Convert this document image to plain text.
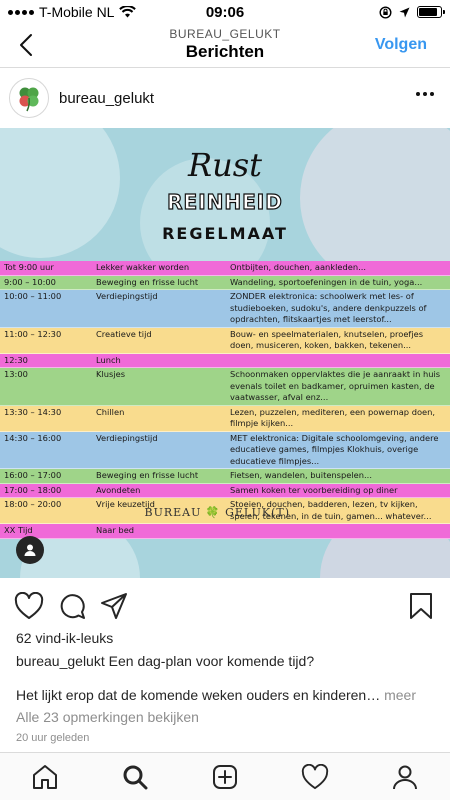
T-Mobile NL	09:06
BUREAU_GELUKT
Berichten	Volgen
bureau_gelukt
Rust
REINHEID
REGELMAAT
Tot 9:00 uur	Lekker wakker worden	Ontbijten, douchen, aankleden...
9:00 – 10:00	Beweging en frisse lucht	Wandeling, sportoefeningen in de tuin, yoga...
10:00 – 11:00	Verdiepingstijd	ZONDER elektronica: schoolwerk met les- of studieboeken, sudoku's, andere denkpuzzels of opdrachten, flitskaartjes met leerstof...
11:00 – 12:30	Creatieve tijd	Bouw- en speelmaterialen, knutselen, proefjes doen, musiceren, koken, bakken, tekenen...
12:30	Lunch
13:00	Klusjes	Schoonmaken oppervlaktes die je aanraakt in huis evenals toilet en badkamer, opruimen kasten, de vaatwasser, afval enz...
13:30 – 14:30	Chillen	Lezen, puzzelen, mediteren, een powernap doen, filmpje kijken...
14:30 – 16:00	Verdiepingstijd	MET elektronica: Digitale schoolomgeving, andere educatieve games, filmpjes Klokhuis, overige educatieve filmpjes...
16:00 – 17:00	Beweging en frisse lucht	Fietsen, wandelen, buitenspelen...
17:00 – 18:00	Avondeten	Samen koken ter voorbereiding op diner
18:00 – 20:00	Vrije keuzetijd	Stoeien, douchen, badderen, lezen, tv kijken, spelen, tekenen, in de tuin, gamen... whatever...
XX Tijd	Naar bed
BUREAU 🍀 GELUK(T)
62 vind-ik-leuks
bureau_gelukt Een dag-plan voor komende tijd?
Het lijkt erop dat de komende weken ouders en kinderen… meer
Alle 23 opmerkingen bekijken
20 uur geleden
